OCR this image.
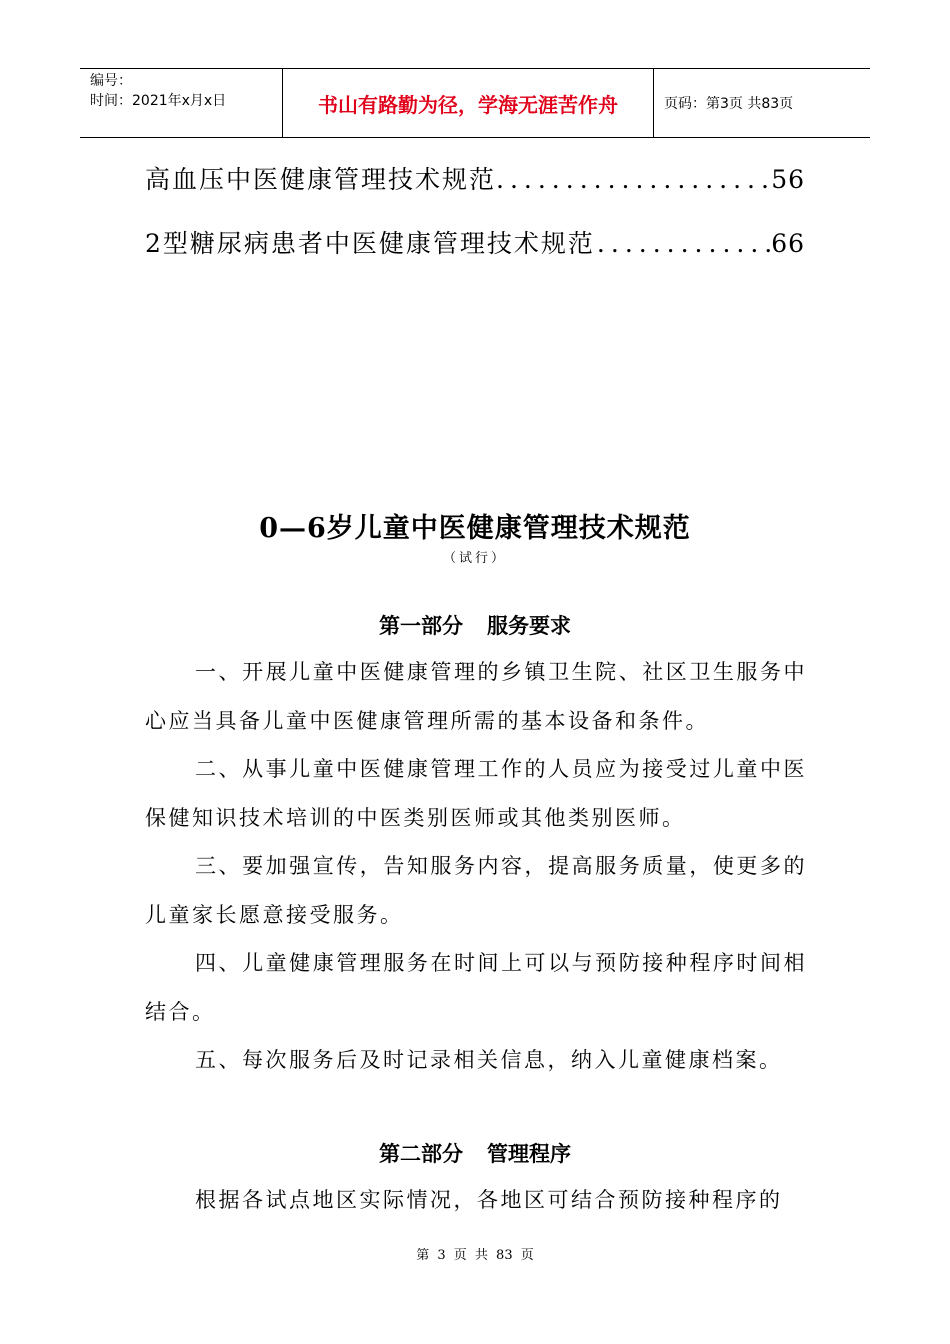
编号：
时间：2021年x月x日	书山有路勤为径，学海无涯苦作舟	页码：第3页 共83页
高血压中医健康管理技术规范 .....	56
2型糖尿病患者中医健康管理技术规范 .....	66
0—6岁儿童中医健康管理技术规范
（试行）
第一部分 服务要求
一、开展儿童中医健康管理的乡镇卫生院、社区卫生服务中心应当具备儿童中医健康管理所需的基本设备和条件。
二、从事儿童中医健康管理工作的人员应为接受过儿童中医保健知识技术培训的中医类别医师或其他类别医师。
三、要加强宣传，告知服务内容，提高服务质量，使更多的儿童家长愿意接受服务。
四、儿童健康管理服务在时间上可以与预防接种程序时间相结合。
五、每次服务后及时记录相关信息，纳入儿童健康档案。
第二部分 管理程序
根据各试点地区实际情况，各地区可结合预防接种程序的
第 3 页 共 83 页
